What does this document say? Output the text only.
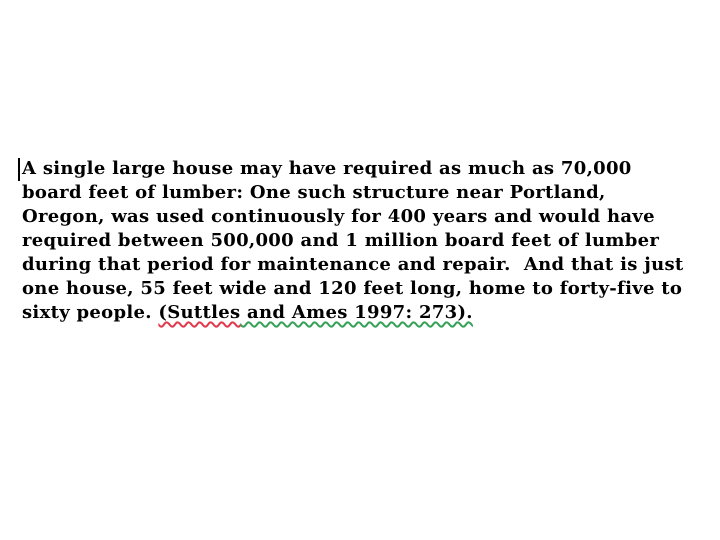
A single large house may have required as much as 70,000
board feet of lumber: One such structure near Portland,
Oregon, was used continuously for 400 years and would have
required between 500,000 and 1 million board feet of lumber
during that period for maintenance and repair.  And that is just
one house, 55 feet wide and 120 feet long, home to forty-five to
sixty people. (Suttles and Ames 1997: 273).
